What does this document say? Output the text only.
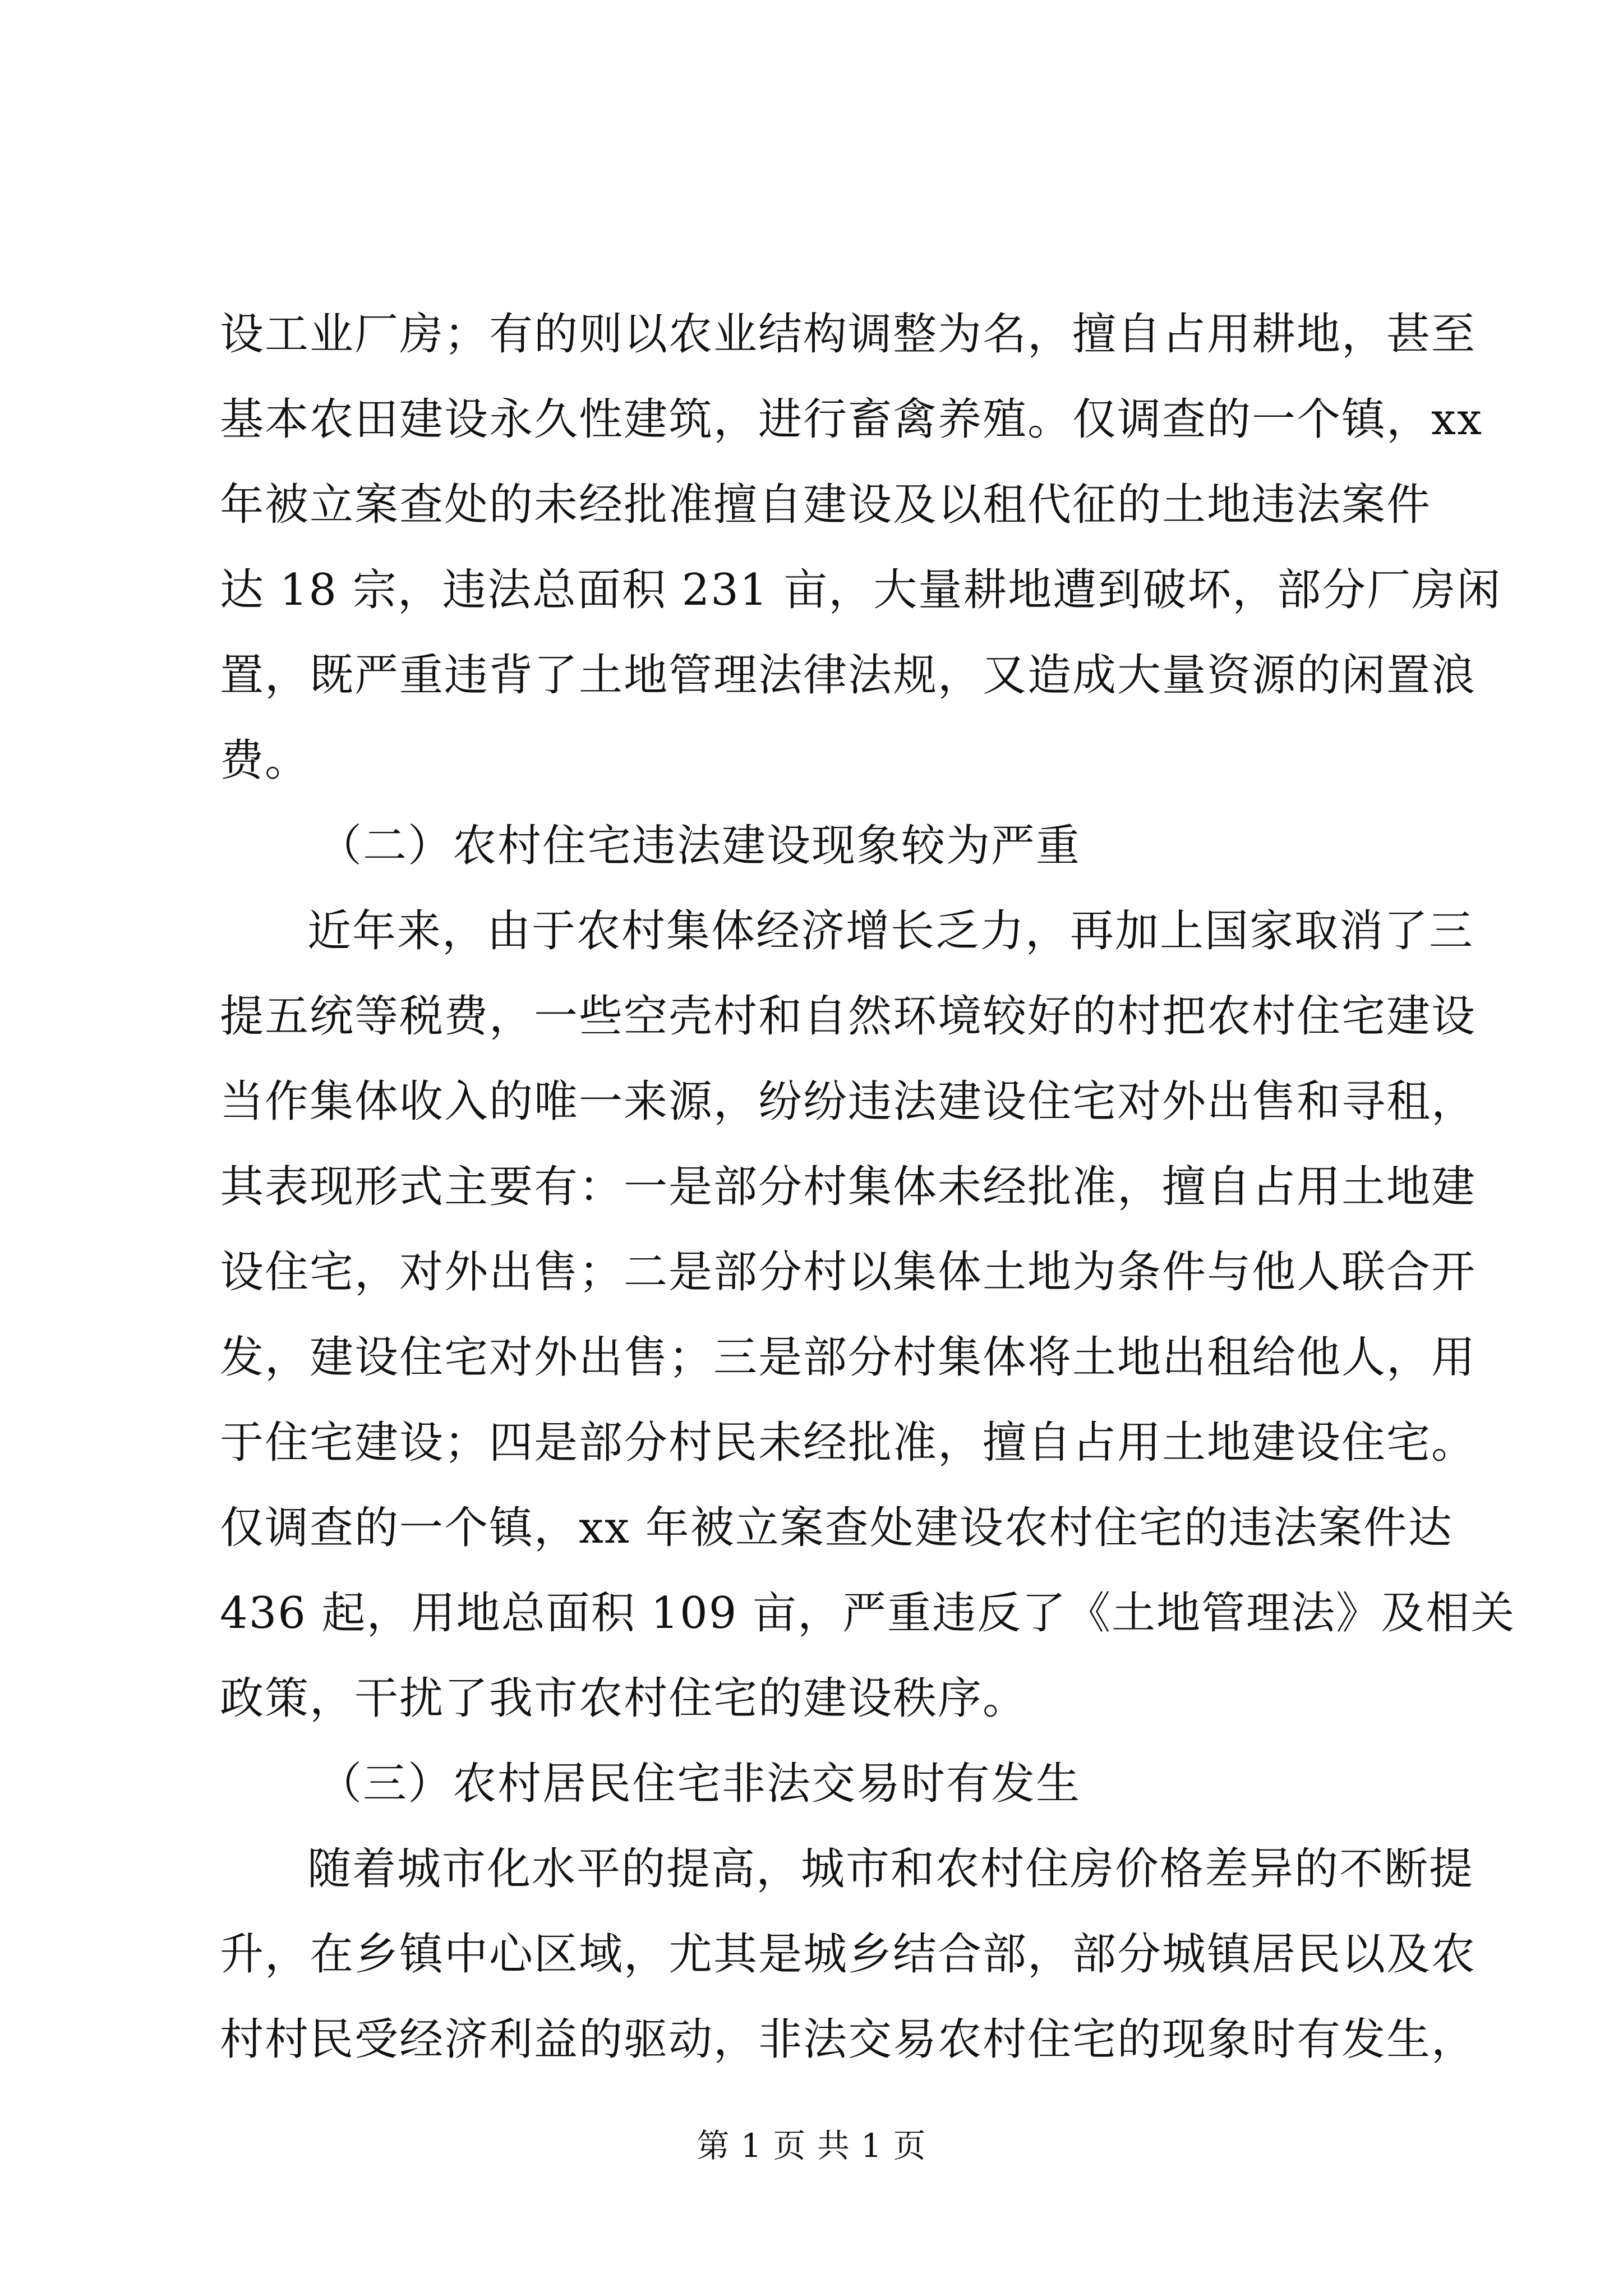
设工业厂房；有的则以农业结构调整为名，擅自占用耕地，甚至
基本农田建设永久性建筑，进行畜禽养殖。仅调查的一个镇，xx
年被立案查处的未经批准擅自建设及以租代征的土地违法案件
达 18 宗，违法总面积 231 亩，大量耕地遭到破坏，部分厂房闲
置，既严重违背了土地管理法律法规，又造成大量资源的闲置浪
费。
（二）农村住宅违法建设现象较为严重
近年来，由于农村集体经济增长乏力，再加上国家取消了三
提五统等税费，一些空壳村和自然环境较好的村把农村住宅建设
当作集体收入的唯一来源，纷纷违法建设住宅对外出售和寻租，
其表现形式主要有：一是部分村集体未经批准，擅自占用土地建
设住宅，对外出售；二是部分村以集体土地为条件与他人联合开
发，建设住宅对外出售；三是部分村集体将土地出租给他人，用
于住宅建设；四是部分村民未经批准，擅自占用土地建设住宅。
仅调查的一个镇，xx 年被立案查处建设农村住宅的违法案件达
436 起，用地总面积 109 亩，严重违反了《土地管理法》及相关
政策，干扰了我市农村住宅的建设秩序。
（三）农村居民住宅非法交易时有发生
随着城市化水平的提高，城市和农村住房价格差异的不断提
升，在乡镇中心区域，尤其是城乡结合部，部分城镇居民以及农
村村民受经济利益的驱动，非法交易农村住宅的现象时有发生，
第 1 页 共 1 页
